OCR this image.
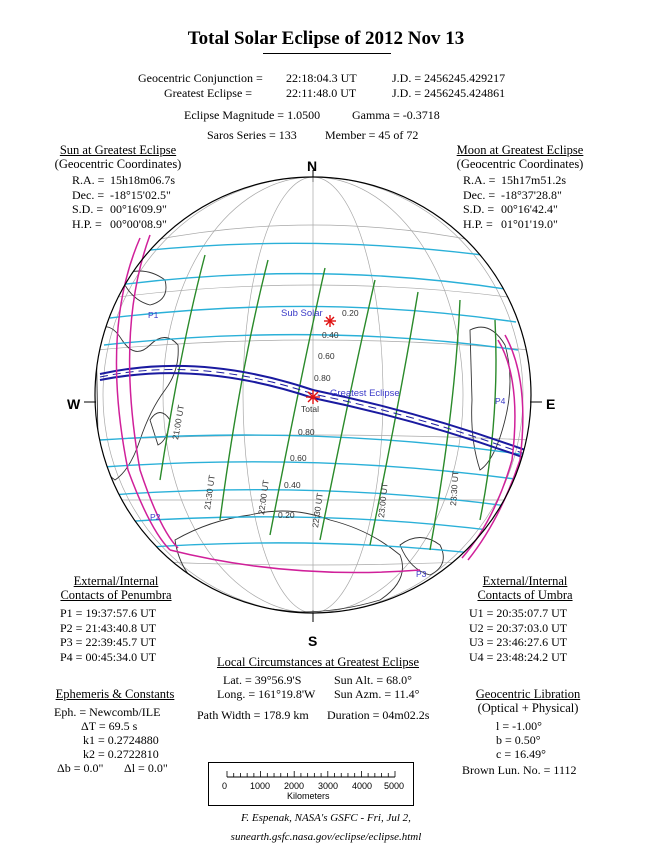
Total Solar Eclipse of 2012 Nov 13
Geocentric Conjunction = 22:18:04.3 UT	J.D. = 2456245.429217
Greatest Eclipse =	22:11:48.0 UT	J.D. = 2456245.424861
Eclipse Magnitude = 1.0500	Gamma = -0.3718
Saros Series = 133 Member = 45 of 72
Sun at Greatest Eclipse
(Geocentric Coordinates)
R.A. =15h18m06.7s
Dec. =-18°15'02.5"
S.D. =00°16'09.9"
H.P. =00°00'08.9"
Moon at Greatest Eclipse
(Geocentric Coordinates)
R.A. =15h17m51.2s
Dec. =-18°37'28.8"
S.D. =00°16'42.4"
H.P. =01°01'19.0"
N
S
W	E
Sub Solar
Greatest Eclipse
Total
P1
P2
P3
P4
0.20
0.40
0.60
0.80
0.80
0.60
0.40
0.20
21:00 UT
21:30 UT	22:00 UT	22:30 UT	23:00 UT	23:30 UT
External/Internal
Contacts of Penumbra
P1 = 19:37:57.6 UT
P2 = 21:43:40.8 UT
P3 = 22:39:45.7 UT
P4 = 00:45:34.0 UT
External/Internal
Contacts of Umbra
U1 = 20:35:07.7 UT
U2 = 20:37:03.0 UT
U3 = 23:46:27.6 UT
U4 = 23:48:24.2 UT
Local Circumstances at Greatest Eclipse
Lat. = 39°56.9'S
Long. = 161°19.8'W
Sun Alt. = 68.0°
Sun Azm. = 11.4°
Path Width = 178.9 km Duration = 04m02.2s
Ephemeris & Constants
Eph. = Newcomb/ILE
ΔT = 69.5 s
k1 = 0.2724880
k2 = 0.2722810
Δb = 0.0" Δl = 0.0"
Geocentric Libration
(Optical + Physical)
l = -1.00°
b = 0.50°
c = 16.49°
Brown Lun. No. = 1112
0	1000 2000 3000 4000 5000
Kilometers
F. Espenak, NASA's GSFC - Fri, Jul 2,
sunearth.gsfc.nasa.gov/eclipse/eclipse.html
